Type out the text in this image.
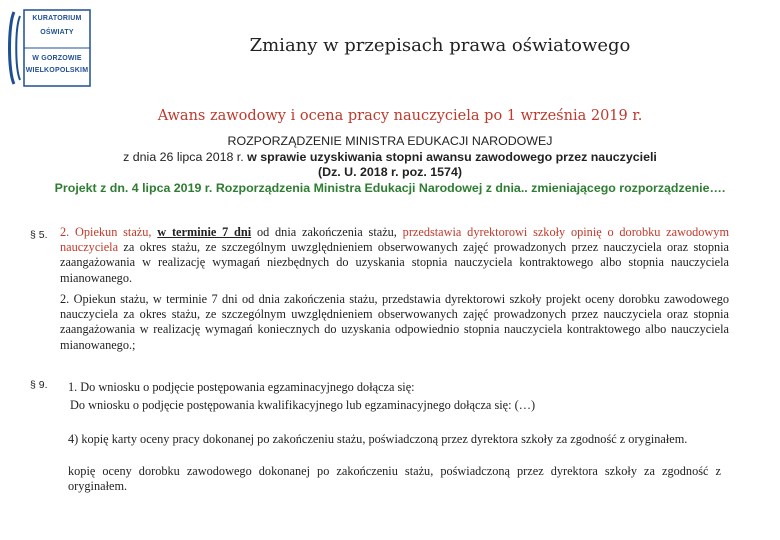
KURATORIUM
OŚWIATY
W GORZOWIE
WIELKOPOLSKIM
Zmiany w przepisach prawa oświatowego
Awans zawodowy i ocena pracy nauczyciela po 1 września 2019 r.
ROZPORZĄDZENIE MINISTRA EDUKACJI NARODOWEJ
z dnia 26 lipca 2018 r. w sprawie uzyskiwania stopni awansu zawodowego przez nauczycieli
(Dz. U. 2018 r. poz. 1574)
Projekt z dn. 4 lipca 2019 r. Rozporządzenia Ministra Edukacji Narodowej z dnia.. zmieniającego rozporządzenie….
§ 5. 2. Opiekun stażu, w terminie 7 dni od dnia zakończenia stażu, przedstawia dyrektorowi szkoły opinię o dorobku zawodowym nauczyciela za okres stażu, ze szczególnym uwzględnieniem obserwowanych zajęć prowadzonych przez nauczyciela oraz stopnia zaangażowania w realizację wymagań niezbędnych do uzyskania stopnia nauczyciela kontraktowego albo stopnia nauczyciela mianowanego.
2. Opiekun stażu, w terminie 7 dni od dnia zakończenia stażu, przedstawia dyrektorowi szkoły projekt oceny dorobku zawodowego nauczyciela za okres stażu, ze szczególnym uwzględnieniem obserwowanych zajęć prowadzonych przez nauczyciela oraz stopnia zaangażowania w realizację wymagań koniecznych do uzyskania odpowiednio stopnia nauczyciela kontraktowego albo nauczyciela mianowanego.;
§ 9. 1. Do wniosku o podjęcie postępowania egzaminacyjnego dołącza się:
Do wniosku o podjęcie postępowania kwalifikacyjnego lub egzaminacyjnego dołącza się: (…)
4) kopię karty oceny pracy dokonanej po zakończeniu stażu, poświadczoną przez dyrektora szkoły za zgodność z oryginałem.
kopię oceny dorobku zawodowego dokonanej po zakończeniu stażu, poświadczoną przez dyrektora szkoły za zgodność z oryginałem.
